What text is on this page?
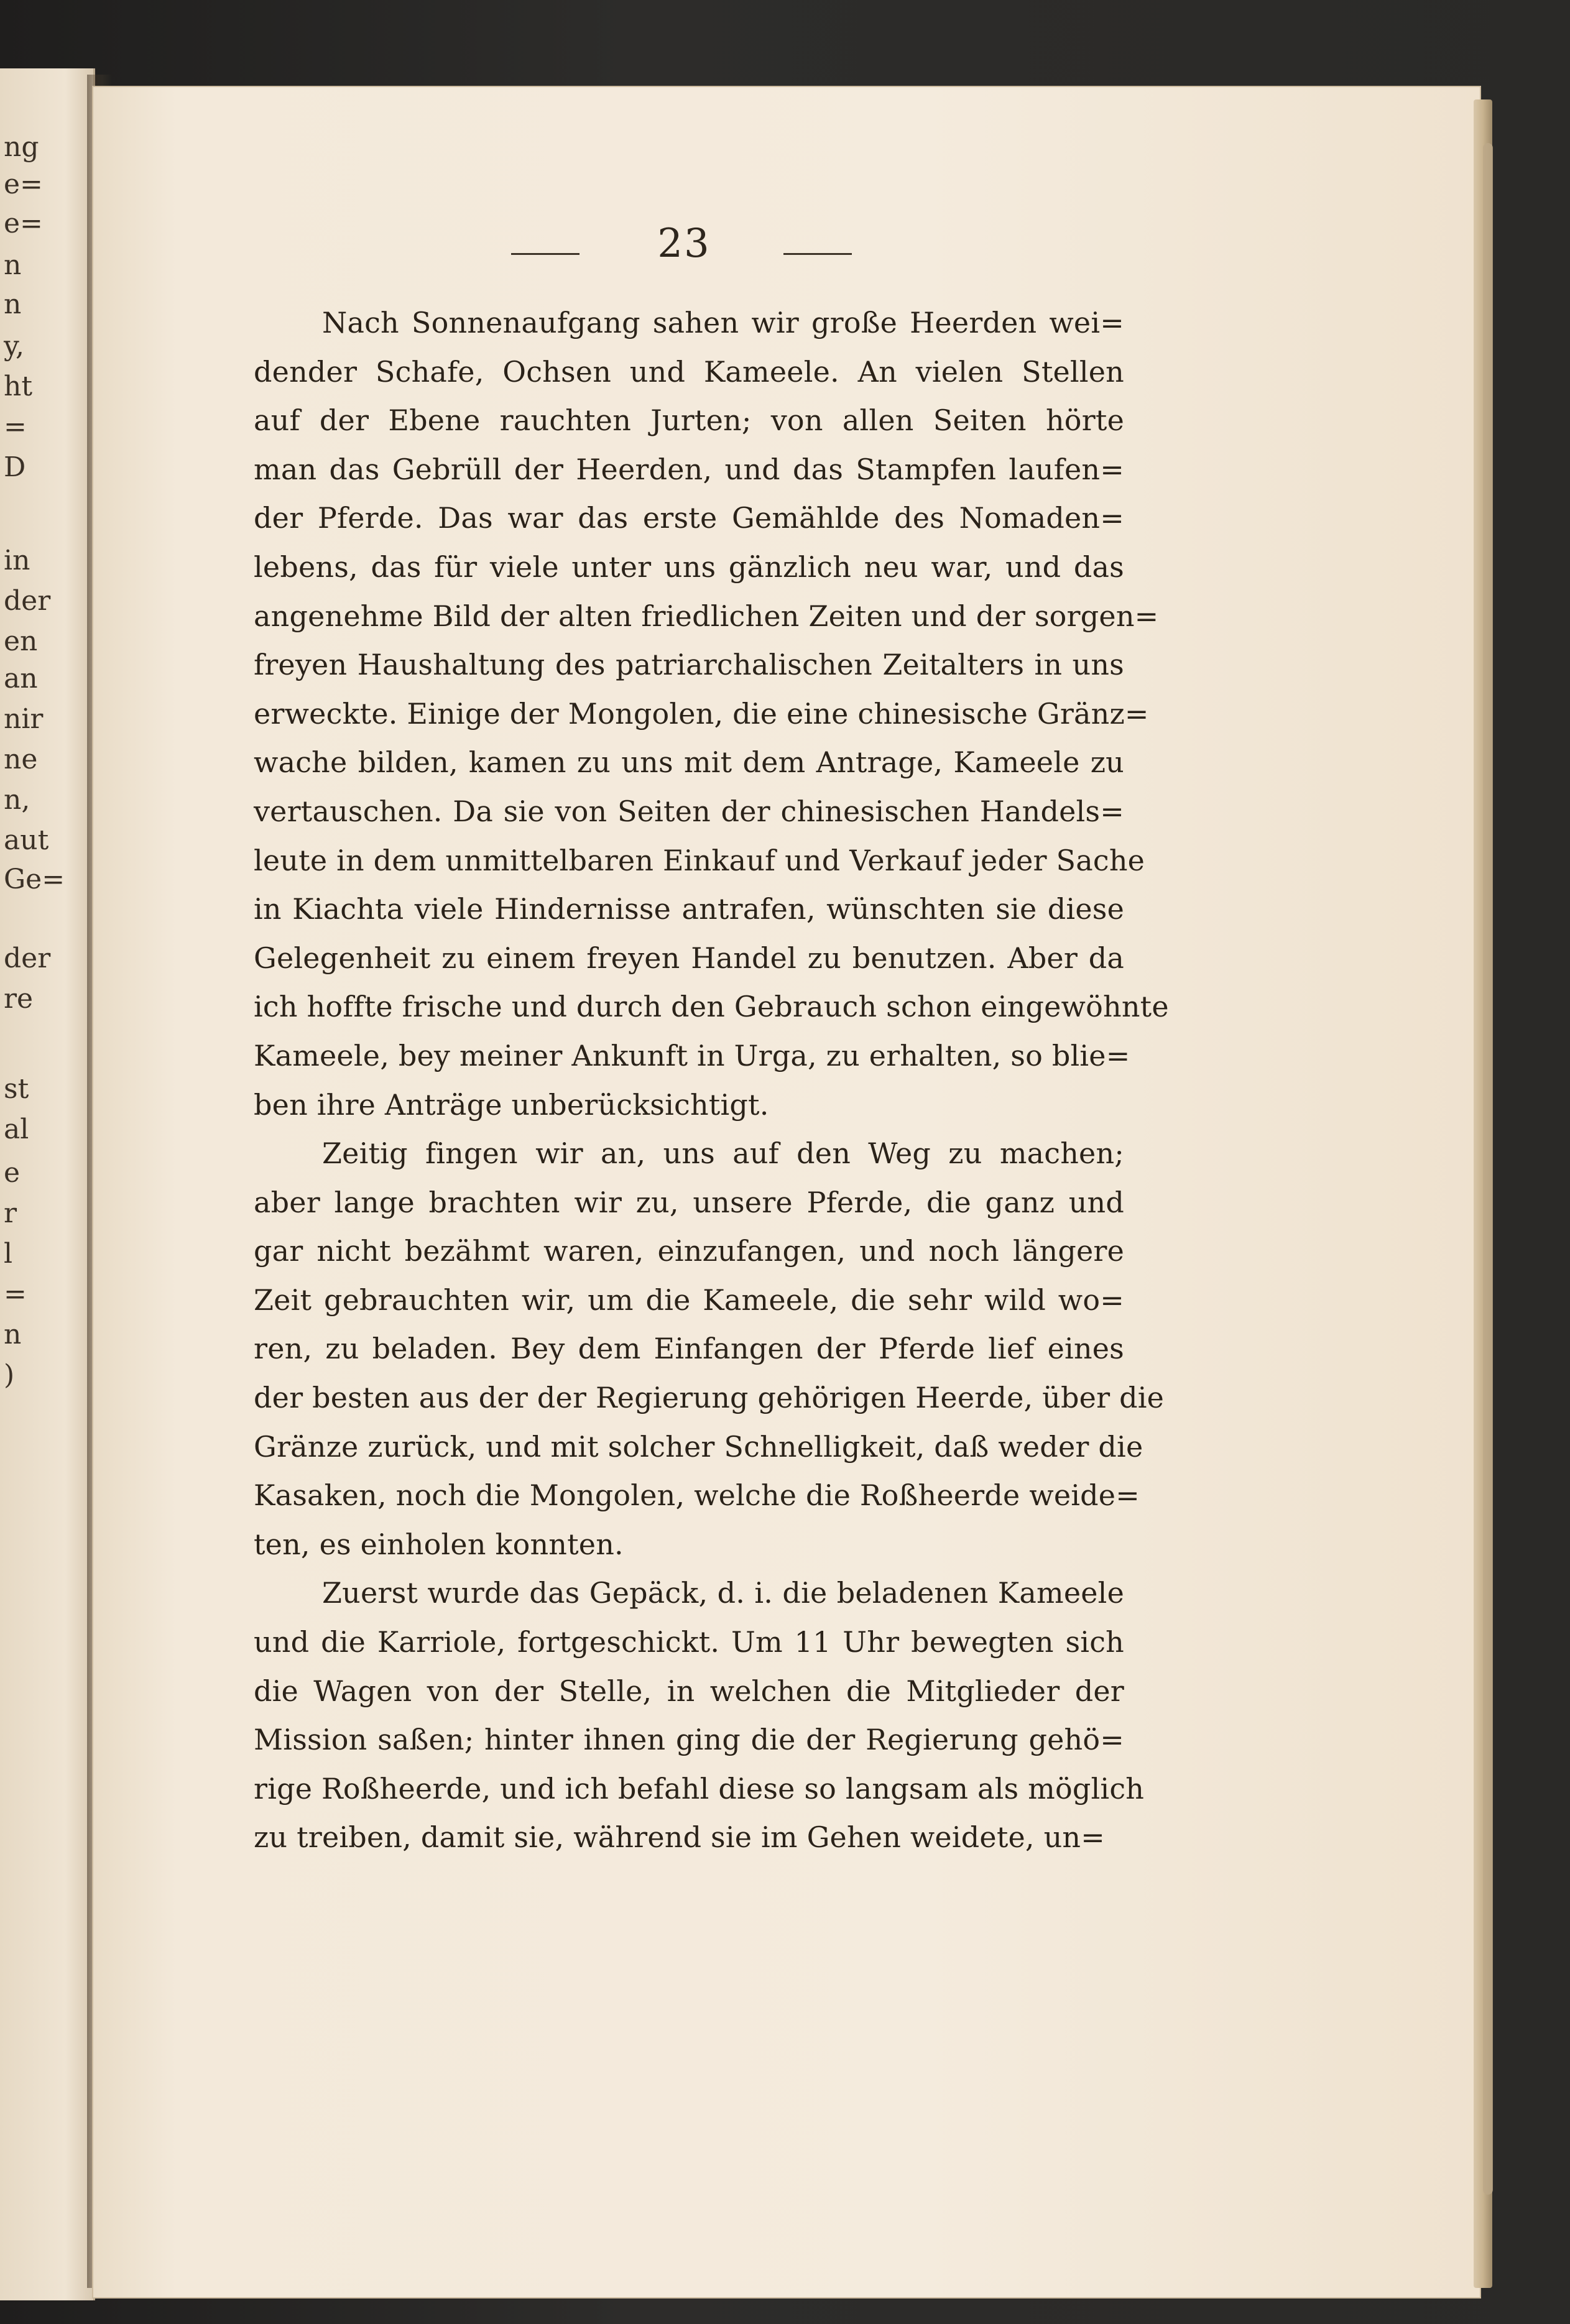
ng
e=
e=
n
n
y,
ht
=
D
in
der
en
an
nir
ne
n,
aut
Ge=
der
re
st
al
e
r
l
=
n
)
23
Nach Sonnenaufgang sahen wir große Heerden wei=
dender Schafe, Ochsen und Kameele. An vielen Stellen
auf der Ebene rauchten Jurten; von allen Seiten hörte
man das Gebrüll der Heerden, und das Stampfen laufen=
der Pferde. Das war das erste Gemählde des Nomaden=
lebens, das für viele unter uns gänzlich neu war, und das
angenehme Bild der alten friedlichen Zeiten und der sorgen=
freyen Haushaltung des patriarchalischen Zeitalters in uns
erweckte. Einige der Mongolen, die eine chinesische Gränz=
wache bilden, kamen zu uns mit dem Antrage, Kameele zu
vertauschen. Da sie von Seiten der chinesischen Handels=
leute in dem unmittelbaren Einkauf und Verkauf jeder Sache
in Kiachta viele Hindernisse antrafen, wünschten sie diese
Gelegenheit zu einem freyen Handel zu benutzen. Aber da
ich hoffte frische und durch den Gebrauch schon eingewöhnte
Kameele, bey meiner Ankunft in Urga, zu erhalten, so blie=
ben ihre Anträge unberücksichtigt.
Zeitig fingen wir an, uns auf den Weg zu machen;
aber lange brachten wir zu, unsere Pferde, die ganz und
gar nicht bezähmt waren, einzufangen, und noch längere
Zeit gebrauchten wir, um die Kameele, die sehr wild wo=
ren, zu beladen. Bey dem Einfangen der Pferde lief eines
der besten aus der der Regierung gehörigen Heerde, über die
Gränze zurück, und mit solcher Schnelligkeit, daß weder die
Kasaken, noch die Mongolen, welche die Roßheerde weide=
ten, es einholen konnten.
Zuerst wurde das Gepäck, d. i. die beladenen Kameele
und die Karriole, fortgeschickt. Um 11 Uhr bewegten sich
die Wagen von der Stelle, in welchen die Mitglieder der
Mission saßen; hinter ihnen ging die der Regierung gehö=
rige Roßheerde, und ich befahl diese so langsam als möglich
zu treiben, damit sie, während sie im Gehen weidete, un=
